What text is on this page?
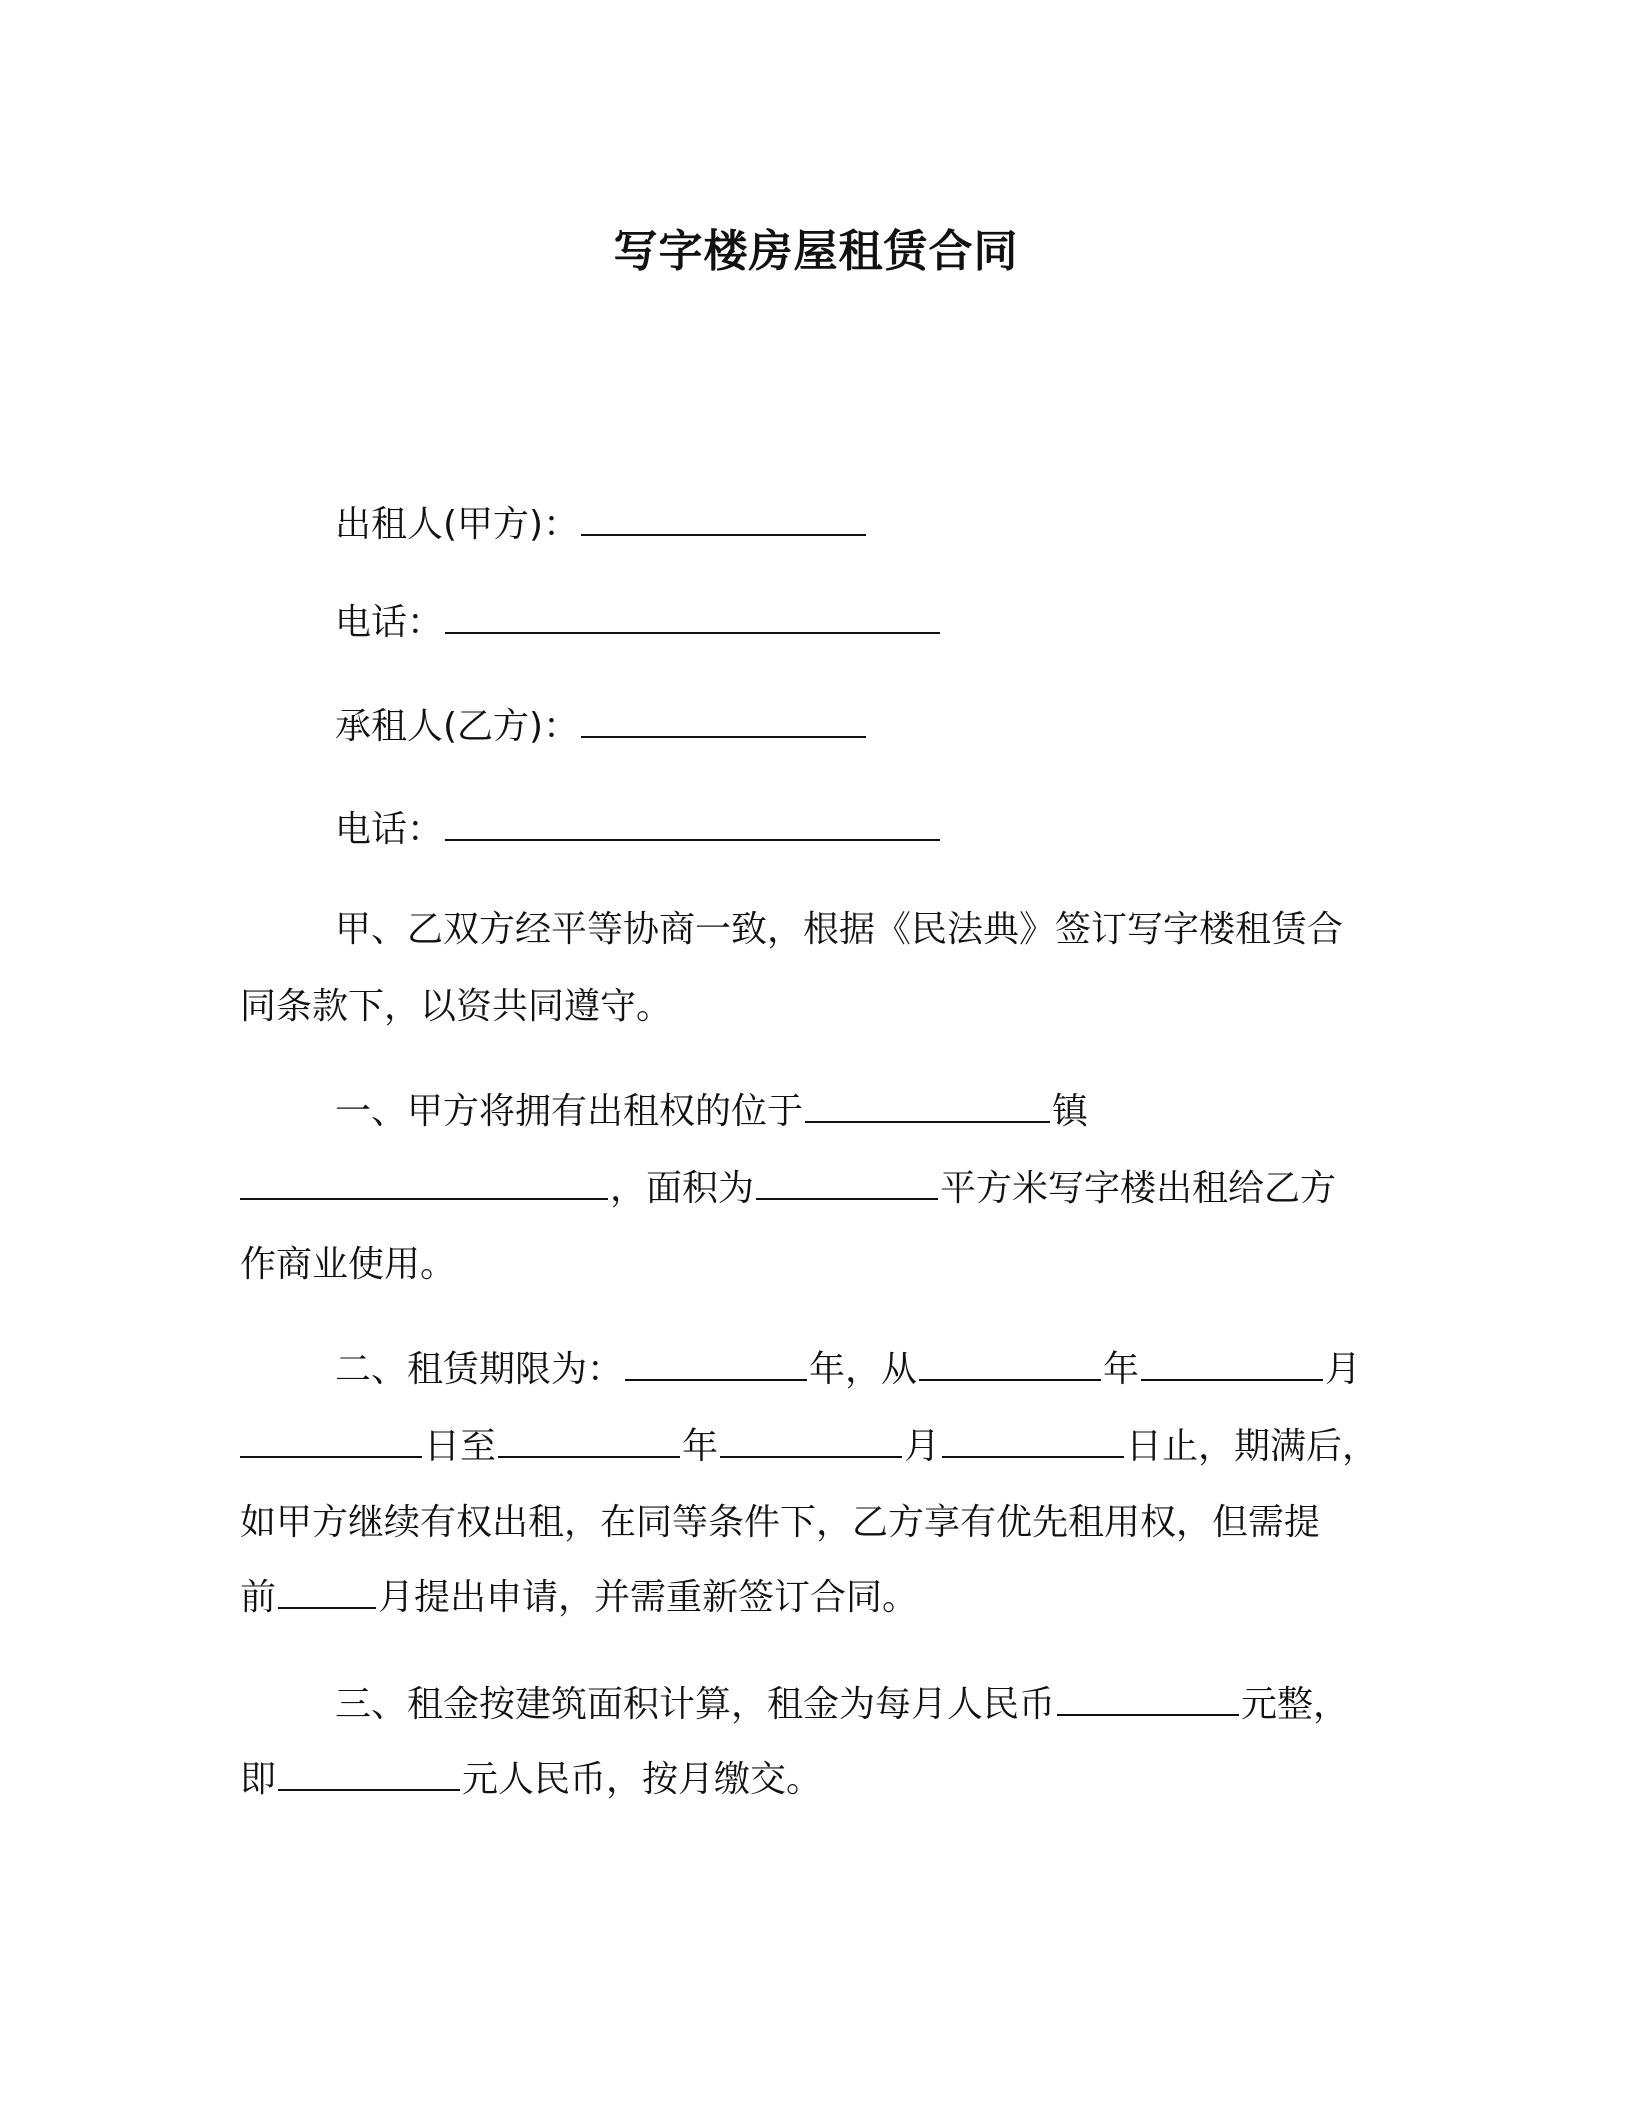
写字楼房屋租赁合同
出租人(甲方)：
电话：
承租人(乙方)：
电话：
甲、乙双方经平等协商一致，根据《民法典》签订写字楼租赁合
同条款下，以资共同遵守。
一、甲方将拥有出租权的位于	镇
，面积为	平方米写字楼出租给乙方
作商业使用。
二、租赁期限为：	年，从	年	月
日至	年	月	日止，期满后，
如甲方继续有权出租，在同等条件下，乙方享有优先租用权，但需提
前	月提出申请，并需重新签订合同。
三、租金按建筑面积计算，租金为每月人民币	元整，
即	元人民币，按月缴交。
